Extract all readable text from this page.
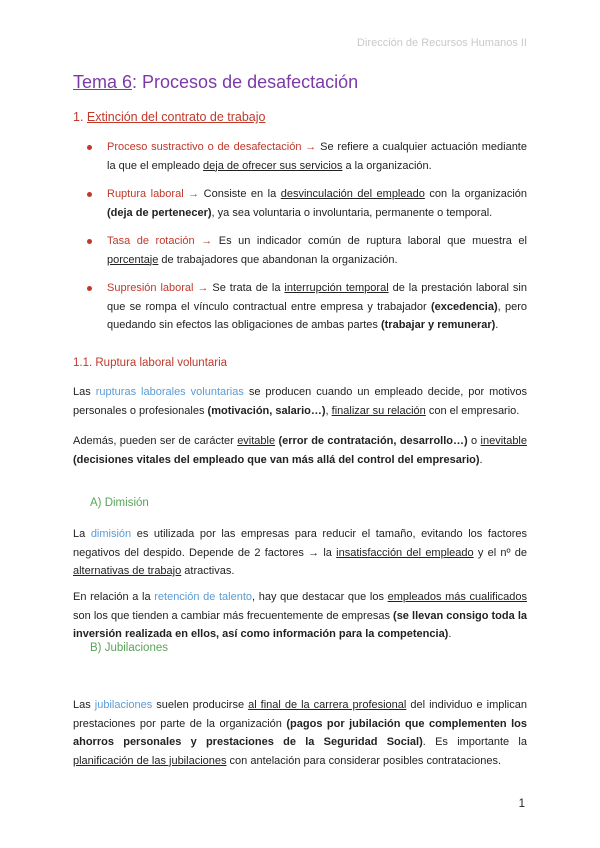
Dirección de Recursos Humanos II
Tema 6: Procesos de desafectación
1. Extinción del contrato de trabajo
Proceso sustractivo o de desafectación → Se refiere a cualquier actuación mediante la que el empleado deja de ofrecer sus servicios a la organización.
Ruptura laboral → Consiste en la desvinculación del empleado con la organización (deja de pertenecer), ya sea voluntaria o involuntaria, permanente o temporal.
Tasa de rotación → Es un indicador común de ruptura laboral que muestra el porcentaje de trabajadores que abandonan la organización.
Supresión laboral → Se trata de la interrupción temporal de la prestación laboral sin que se rompa el vínculo contractual entre empresa y trabajador (excedencia), pero quedando sin efectos las obligaciones de ambas partes (trabajar y remunerar).
1.1. Ruptura laboral voluntaria

Las rupturas laborales voluntarias se producen cuando un empleado decide, por motivos personales o profesionales (motivación, salario…), finalizar su relación con el empresario.

Además, pueden ser de carácter evitable (error de contratación, desarrollo…) o inevitable (decisiones vitales del empleado que van más allá del control del empresario).

A) Dimisión

La dimisión es utilizada por las empresas para reducir el tamaño, evitando los factores negativos del despido. Depende de 2 factores → la insatisfacción del empleado y el nº de alternativas de trabajo atractivas.

En relación a la retención de talento, hay que destacar que los empleados más cualificados son los que tienden a cambiar más frecuentemente de empresas (se llevan consigo toda la inversión realizada en ellos, así como información para la competencia).

B) Jubilaciones

Las jubilaciones suelen producirse al final de la carrera profesional del individuo e implican prestaciones por parte de la organización (pagos por jubilación que complementen los ahorros personales y prestaciones de la Seguridad Social). Es importante la planificación de las jubilaciones con antelación para considerar posibles contrataciones.

1
